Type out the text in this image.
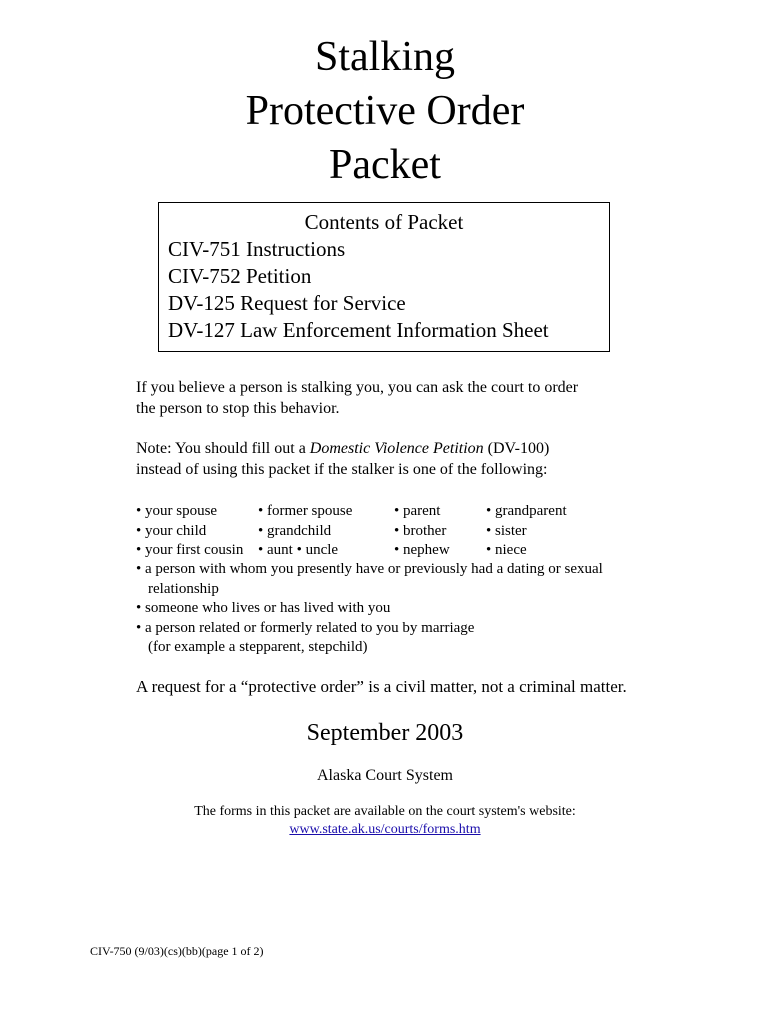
Stalking
Protective Order
Packet
Contents of Packet
CIV-751 Instructions
CIV-752 Petition
DV-125 Request for Service
DV-127 Law Enforcement Information Sheet
If you believe a person is stalking you, you can ask the court to order
the person to stop this behavior.
Note: You should fill out a Domestic Violence Petition (DV-100)
instead of using this packet if the stalker is one of the following:
• your spouse	• former spouse	• parent	• grandparent
• your child	• grandchild	• brother	• sister
• your first cousin • aunt • uncle	• nephew • niece
• a person with whom you presently have or previously had a dating or sexual
relationship
• someone who lives or has lived with you
• a person related or formerly related to you by marriage
(for example a stepparent, stepchild)
A request for a “protective order” is a civil matter, not a criminal matter.
September 2003
Alaska Court System
The forms in this packet are available on the court system's website:
www.state.ak.us/courts/forms.htm
CIV-750 (9/03)(cs)(bb)(page 1 of 2)
